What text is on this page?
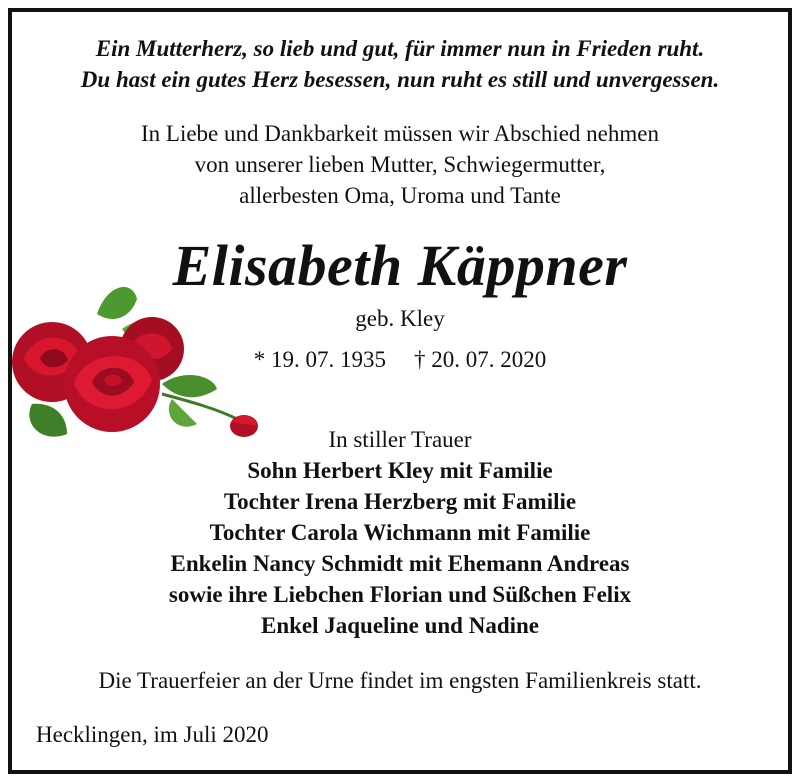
Ein Mutterherz, so lieb und gut, für immer nun in Frieden ruht.
Du hast ein gutes Herz besessen, nun ruht es still und unvergessen.
In Liebe und Dankbarkeit müssen wir Abschied nehmen
von unserer lieben Mutter, Schwiegermutter,
allerbesten Oma, Uroma und Tante
Elisabeth Käppner
geb. Kley
* 19. 07. 1935 † 20. 07. 2020
In stiller Trauer
Sohn Herbert Kley mit Familie
Tochter Irena Herzberg mit Familie
Tochter Carola Wichmann mit Familie
Enkelin Nancy Schmidt mit Ehemann Andreas
sowie ihre Liebchen Florian und Süßchen Felix
Enkel Jaqueline und Nadine
Die Trauerfeier an der Urne findet im engsten Familienkreis statt.
Hecklingen, im Juli 2020
